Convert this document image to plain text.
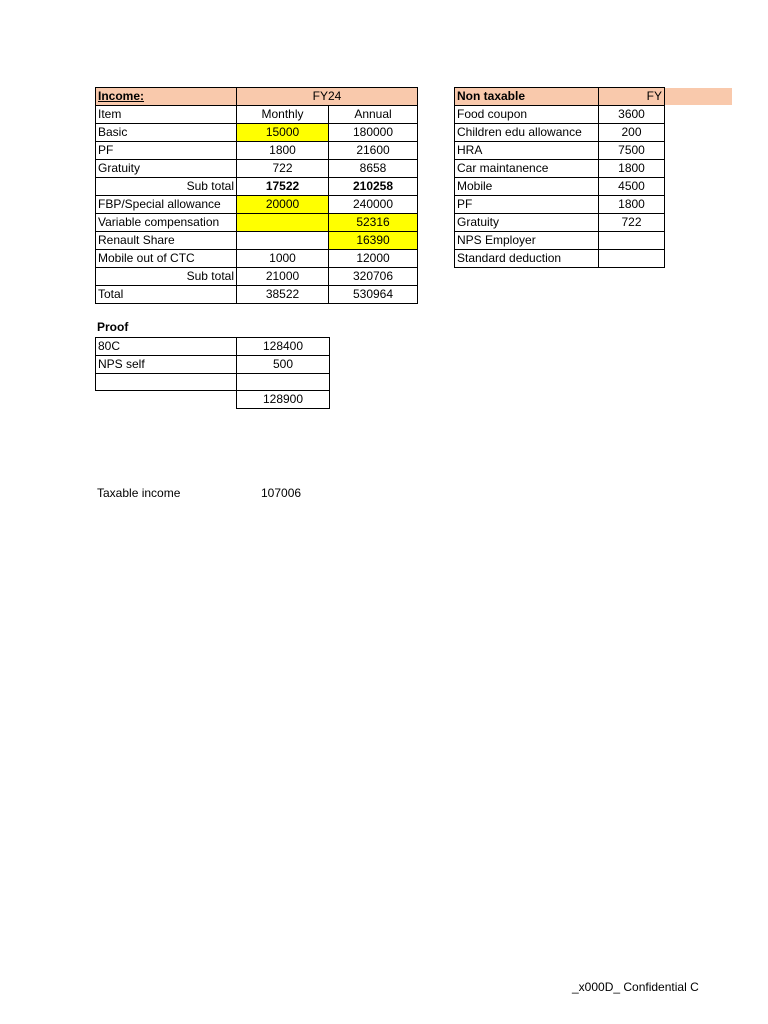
Income:	FY24	
Item	Monthly	Annual
Basic	15000	180000
PF	1800	21600
Gratuity	722	8658
Sub total	17522	210258
FBP/Special allowance	20000	240000
Variable compensation		52316
Renault Share		16390
Mobile out of CTC	1000	12000
Sub total	21000	320706
Total	38522	530964
Non taxable	FY
Food coupon	3600
Children edu allowance	200
HRA	7500
Car maintanence	1800
Mobile	4500
PF	1800
Gratuity	722
NPS Employer	
Standard deduction	
Proof
80C	128400
NPS self	500

	128900
Taxable income	107006
_x000D_ Confidential C
